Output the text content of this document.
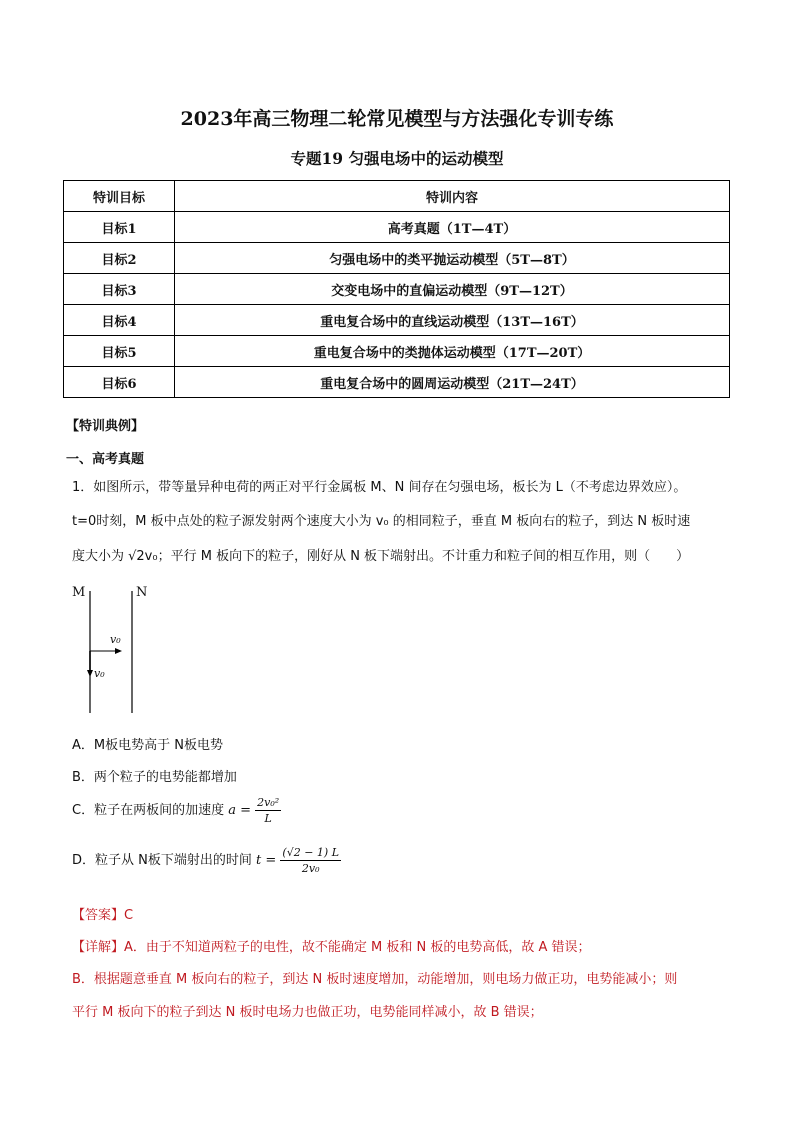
2023年高三物理二轮常见模型与方法强化专训专练
专题19 匀强电场中的运动模型
特训目标	特训内容
目标1	高考真题（1T—4T）
目标2	匀强电场中的类平抛运动模型（5T—8T）
目标3	交变电场中的直偏运动模型（9T—12T）
目标4	重电复合场中的直线运动模型（13T—16T）
目标5	重电复合场中的类抛体运动模型（17T—20T）
目标6	重电复合场中的圆周运动模型（21T—24T）
【特训典例】
一、高考真题
1．如图所示，带等量异种电荷的两正对平行金属板 M、N 间存在匀强电场，板长为 L（不考虑边界效应）。
t=0时刻，M 板中点处的粒子源发射两个速度大小为 v₀ 的相同粒子，垂直 M 板向右的粒子，到达 N 板时速
度大小为 √2v₀；平行 M 板向下的粒子，刚好从 N 板下端射出。不计重力和粒子间的相互作用，则（　　）
M	N
v₀
v₀
A．M板电势高于 N板电势
B．两个粒子的电势能都增加
C．粒子在两板间的加速度 $a = \frac{\text{2v₀²}}{L}$
D．粒子从 N板下端射出的时间 $t = \frac{(√2 - 1) L}{\text{2v₀}}$
【答案】C
【详解】A．由于不知道两粒子的电性，故不能确定 M 板和 N 板的电势高低，故 A 错误；
B．根据题意垂直 M 板向右的粒子，到达 N 板时速度增加，动能增加，则电场力做正功，电势能减小；则
平行 M 板向下的粒子到达 N 板时电场力也做正功，电势能同样减小，故 B 错误；
